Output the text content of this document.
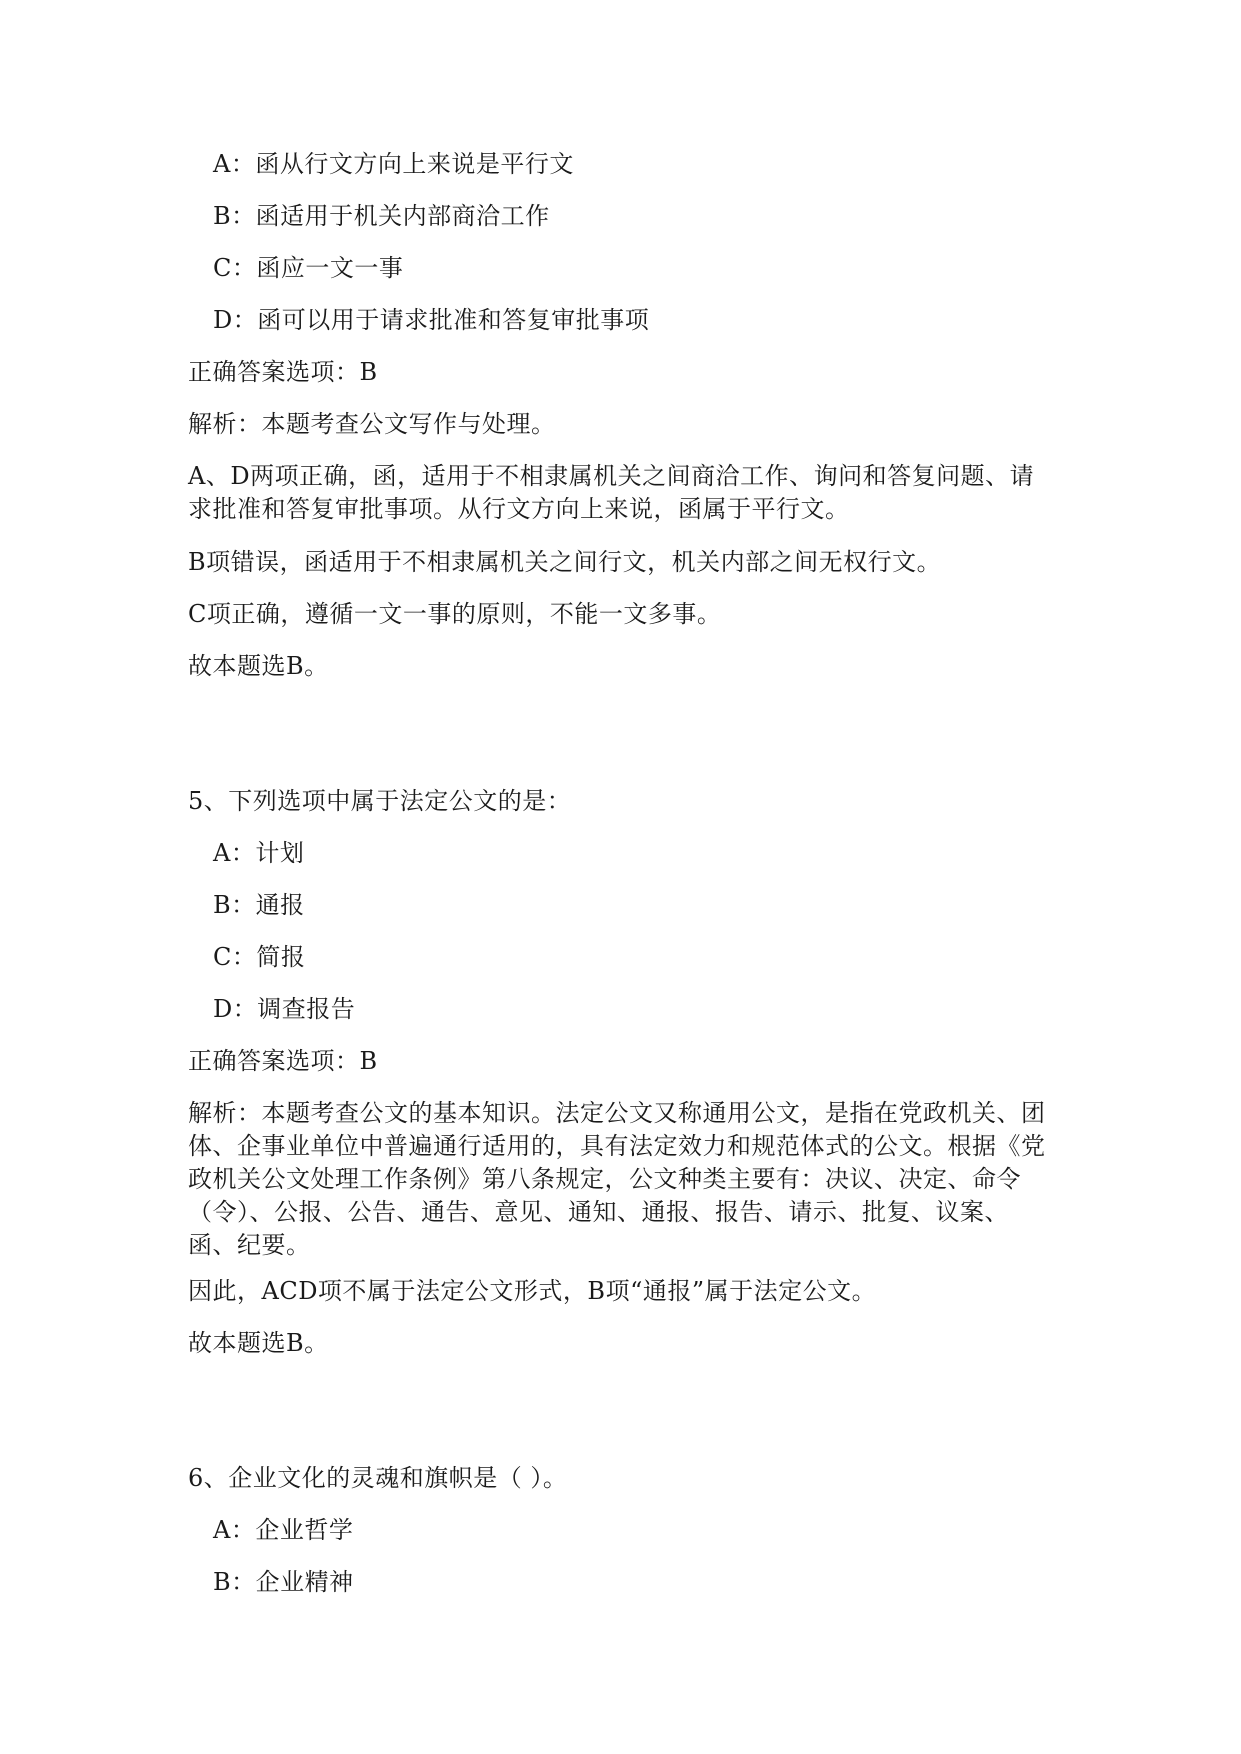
A：函从行文方向上来说是平行文
B：函适用于机关内部商洽工作
C：函应一文一事
D：函可以用于请求批准和答复审批事项
正确答案选项：B
解析：本题考查公文写作与处理。
A、D两项正确，函，适用于不相隶属机关之间商洽工作、询问和答复问题、请求批准和答复审批事项。从行文方向上来说，函属于平行文。
B项错误，函适用于不相隶属机关之间行文，机关内部之间无权行文。
C项正确，遵循一文一事的原则，不能一文多事。
故本题选B。
5、下列选项中属于法定公文的是：
A：计划
B：通报
C：简报
D：调查报告
正确答案选项：B
解析：本题考查公文的基本知识。法定公文又称通用公文，是指在党政机关、团体、企事业单位中普遍通行适用的，具有法定效力和规范体式的公文。根据《党政机关公文处理工作条例》第八条规定，公文种类主要有：决议、决定、命令（令）、公报、公告、通告、意见、通知、通报、报告、请示、批复、议案、函、纪要。
因此，ACD项不属于法定公文形式，B项“通报”属于法定公文。
故本题选B。
6、企业文化的灵魂和旗帜是（ ）。
A：企业哲学
B：企业精神
